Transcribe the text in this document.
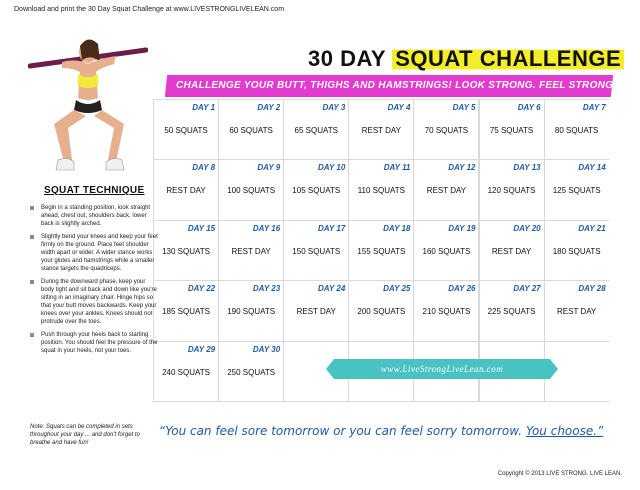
Download and print the 30 Day Squat Challenge at www.LIVESTRONGLIVELEAN.com
30 DAY SQUAT CHALLENGE
CHALLENGE YOUR BUTT, THIGHS AND HAMSTRINGS! LOOK STRONG. FEEL STRONG(ER).
DAY 1
50 SQUATS
DAY 2
60 SQUATS
DAY 3
65 SQUATS
DAY 4
REST DAY
DAY 5
70 SQUATS
DAY 6
75 SQUATS
DAY 7
80 SQUATS
DAY 8
REST DAY
DAY 9
100 SQUATS
DAY 10
105 SQUATS
DAY 11
110 SQUATS
DAY 12
REST DAY
DAY 13
120 SQUATS
DAY 14
125 SQUATS
DAY 15
130 SQUATS
DAY 16
REST DAY
DAY 17
150 SQUATS
DAY 18
155 SQUATS
DAY 19
160 SQUATS
DAY 20
REST DAY
DAY 21
180 SQUATS
DAY 22
185 SQUATS
DAY 23
190 SQUATS
DAY 24
REST DAY
DAY 25
200 SQUATS
DAY 26
210 SQUATS
DAY 27
225 SQUATS
DAY 28
REST DAY
DAY 29
240 SQUATS
DAY 30
250 SQUATS
“You can feel sore tomorrow or you can feel sorry tomorrow. You choose.”
www.LiveStrongLiveLean.com
SQUAT TECHNIQUE
Begin in a standing position, look straight ahead, chest out, shoulders back, lower back is slightly arched.
Slightly bend your knees and keep your feet firmly on the ground. Place feet shoulder width apart or wider. A wider stance works your glutes and hamstrings while a smaller stance targets the quadriceps.
During the downward phase, keep your body tight and sit back and down like you're sitting in an imaginary chair. Hinge hips so that your butt moves backwards. Keep your knees over your ankles. Knees should not protrude over the toes.
Push through your heels back to starting position. You should feel the pressure of the squat in your heels, not your toes.
Note: Squats can be completed in sets throughout your day ... and don't forget to breathe and have fun!
Copyright © 2013 LIVE STRONG. LIVE LEAN.
